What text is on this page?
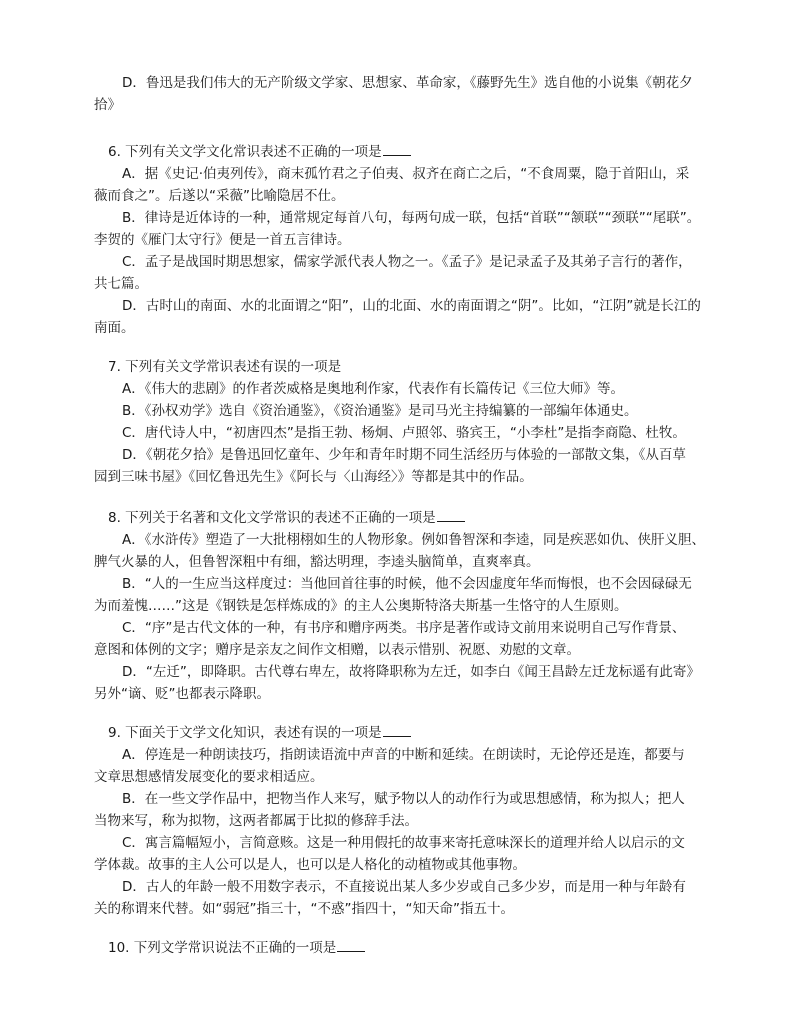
D．鲁迅是我们伟大的无产阶级文学家、思想家、革命家，《藤野先生》选自他的小说集《朝花夕
拾》
6. 下列有关文学文化常识表述不正确的一项是
A．据《史记·伯夷列传》，商末孤竹君之子伯夷、叔齐在商亡之后，“不食周粟，隐于首阳山，采
薇而食之”。后遂以“采薇”比喻隐居不仕。
B．律诗是近体诗的一种，通常规定每首八句，每两句成一联，包括“首联”“颔联”“颈联”“尾联”。
李贺的《雁门太守行》便是一首五言律诗。
C．孟子是战国时期思想家，儒家学派代表人物之一。《孟子》是记录孟子及其弟子言行的著作，
共七篇。
D．古时山的南面、水的北面谓之“阳”，山的北面、水的南面谓之“阴”。比如，“江阴”就是长江的
南面。
7. 下列有关文学常识表述有误的一项是
A．《伟大的悲剧》的作者茨威格是奥地利作家，代表作有长篇传记《三位大师》等。
B．《孙权劝学》选自《资治通鉴》，《资治通鉴》是司马光主持编纂的一部编年体通史。
C．唐代诗人中，“初唐四杰”是指王勃、杨炯、卢照邻、骆宾王，“小李杜”是指李商隐、杜牧。
D．《朝花夕拾》是鲁迅回忆童年、少年和青年时期不同生活经历与体验的一部散文集，《从百草
园到三味书屋》《回忆鲁迅先生》《阿长与〈山海经〉》等都是其中的作品。
8. 下列关于名著和文化文学常识的表述不正确的一项是
A．《水浒传》塑造了一大批栩栩如生的人物形象。例如鲁智深和李逵，同是疾恶如仇、侠肝义胆、
脾气火暴的人，但鲁智深粗中有细，豁达明理，李逵头脑简单，直爽率真。
B．“人的一生应当这样度过：当他回首往事的时候，他不会因虚度年华而悔恨，也不会因碌碌无
为而羞愧……”这是《钢铁是怎样炼成的》的主人公奥斯特洛夫斯基一生恪守的人生原则。
C．“序”是古代文体的一种，有书序和赠序两类。书序是著作或诗文前用来说明自己写作背景、
意图和体例的文字；赠序是亲友之间作文相赠，以表示惜别、祝愿、劝慰的文章。
D．“左迁”，即降职。古代尊右卑左，故将降职称为左迁，如李白《闻王昌龄左迁龙标遥有此寄》
另外“谪、贬”也都表示降职。
9. 下面关于文学文化知识，表述有误的一项是
A．停连是一种朗读技巧，指朗读语流中声音的中断和延续。在朗读时，无论停还是连，都要与
文章思想感情发展变化的要求相适应。
B．在一些文学作品中，把物当作人来写，赋予物以人的动作行为或思想感情，称为拟人；把人
当物来写，称为拟物，这两者都属于比拟的修辞手法。
C．寓言篇幅短小，言简意赅。这是一种用假托的故事来寄托意味深长的道理并给人以启示的文
学体裁。故事的主人公可以是人，也可以是人格化的动植物或其他事物。
D．古人的年龄一般不用数字表示，不直接说出某人多少岁或自己多少岁，而是用一种与年龄有
关的称谓来代替。如“弱冠”指三十，“不惑”指四十，“知天命”指五十。
10. 下列文学常识说法不正确的一项是
